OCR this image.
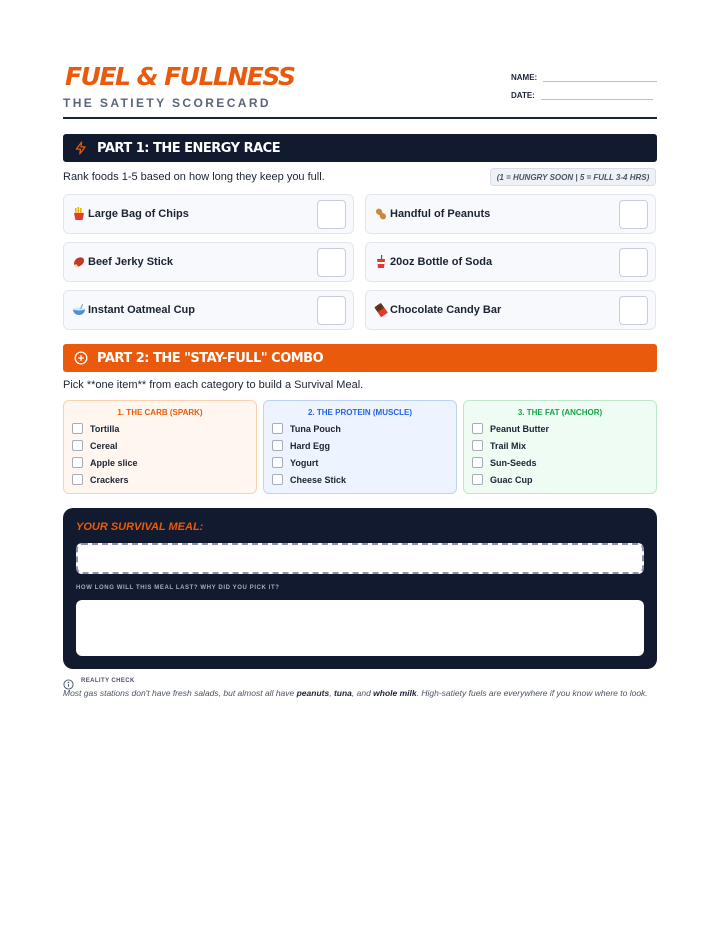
FUEL & FULLNESS
THE SATIETY SCORECARD
NAME:
DATE:
PART 1: THE ENERGY RACE
Rank foods 1-5 based on how long they keep you full.	(1 = HUNGRY SOON | 5 = FULL 3-4 HRS)
Large Bag of Chips	Handful of Peanuts
Beef Jerky Stick	20oz Bottle of Soda
Instant Oatmeal Cup	Chocolate Candy Bar
PART 2: THE "STAY-FULL" COMBO
Pick **one item** from each category to build a Survival Meal.
1. THE CARB (SPARK)
Tortilla
Cereal
Apple slice
Crackers
2. THE PROTEIN (MUSCLE)
Tuna Pouch
Hard Egg
Yogurt
Cheese Stick
3. THE FAT (ANCHOR)
Peanut Butter
Trail Mix
Sun-Seeds
Guac Cup
YOUR SURVIVAL MEAL:
HOW LONG WILL THIS MEAL LAST? WHY DID YOU PICK IT?
REALITY CHECK
Most gas stations don't have fresh salads, but almost all have peanuts, tuna, and whole milk. High-satiety fuels are everywhere if you know where to look.
